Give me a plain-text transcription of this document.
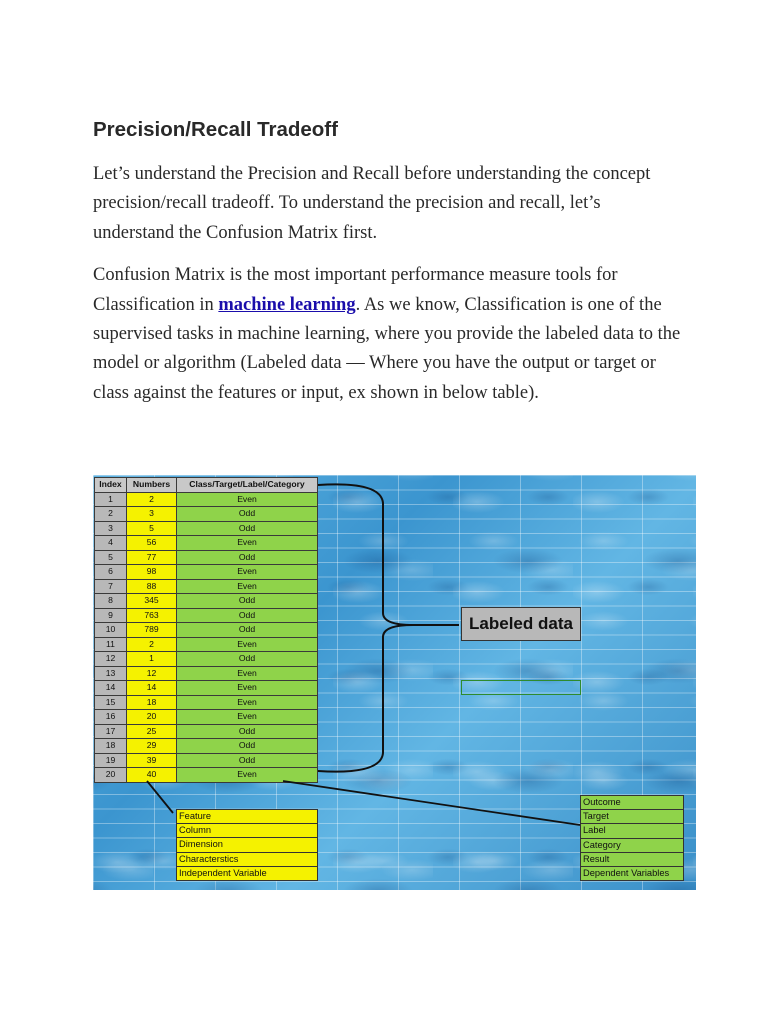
Precision/Recall Tradeoff

Let’s understand the Precision and Recall before understanding the concept precision/recall tradeoff. To understand the precision and recall, let’s understand the Confusion Matrix first.

Confusion Matrix is the most important performance measure tools for Classification in machine learning. As we know, Classification is one of the supervised tasks in machine learning, where you provide the labeled data to the model or algorithm (Labeled data — Where you have the output or target or class against the features or input, ex shown in below table).

Index	Numbers	Class/Target/Label/Category
1	2	Even
2	3	Odd
3	5	Odd
4	56	Even
5	77	Odd
6	98	Even
7	88	Even
8	345	Odd
9	763	Odd
10	789	Odd
11	2	Even
12	1	Odd
13	12	Even
14	14	Even
15	18	Even
16	20	Even
17	25	Odd
18	29	Odd
19	39	Odd
20	40	Even
Labeled data
Feature
Column
Dimension
Characterstics
Independent Variable
Outcome
Target
Label
Category
Result
Dependent Variables
